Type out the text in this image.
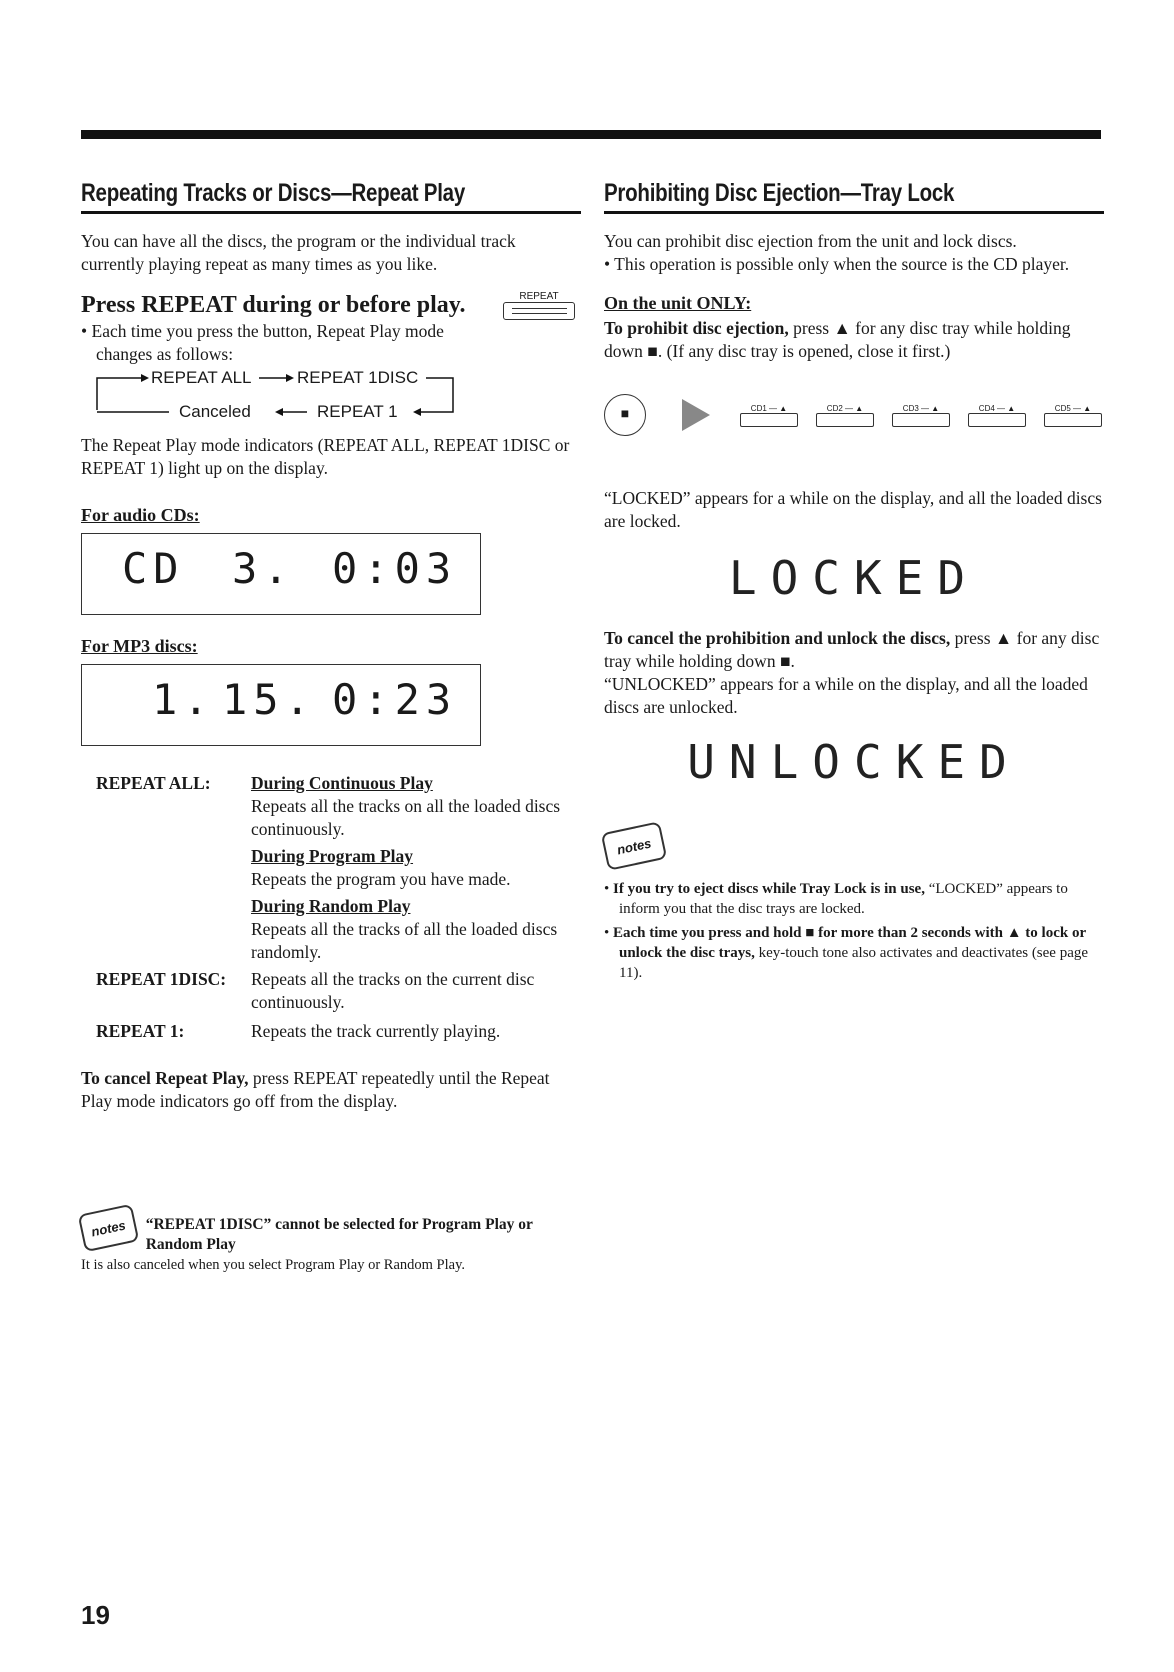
Repeating Tracks or Discs—Repeat Play

You can have all the discs, the program or the individual track currently playing repeat as many times as you like.

Press REPEAT during or before play.	REPEAT

• Each time you press the button, Repeat Play mode changes as follows:

REPEAT ALL	REPEAT 1DISC
Canceled	REPEAT 1

The Repeat Play mode indicators (REPEAT ALL, REPEAT 1DISC or REPEAT 1) light up on the display.

For audio CDs:

CD 3. 0:03

For MP3 discs:

1. 15. 0:23
REPEAT ALL:	During Continuous Play
Repeats all the tracks on all the loaded discs continuously.
During Program Play
Repeats the program you have made.
During Random Play
Repeats all the tracks of all the loaded discs randomly.
REPEAT 1DISC:	Repeats all the tracks on the current disc continuously.
REPEAT 1:	Repeats the track currently playing.

To cancel Repeat Play, press REPEAT repeatedly until the Repeat Play mode indicators go off from the display.

notes	“REPEAT 1DISC” cannot be selected for Program Play or Random Play

It is also canceled when you select Program Play or Random Play.

Prohibiting Disc Ejection—Tray Lock

You can prohibit disc ejection from the unit and lock discs.

• This operation is possible only when the source is the CD player.

On the unit ONLY:

To prohibit disc ejection, press ▲ for any disc tray while holding down ■. (If any disc tray is opened, close it first.)

■	CD1 — ▲	CD2 — ▲	CD3 — ▲	CD4 — ▲	CD5 — ▲

“LOCKED” appears for a while on the display, and all the loaded discs are locked.

LOCKED

To cancel the prohibition and unlock the discs, press ▲ for any disc tray while holding down ■.

“UNLOCKED” appears for a while on the display, and all the loaded discs are unlocked.

UNLOCKED
notes

• If you try to eject discs while Tray Lock is in use, “LOCKED” appears to inform you that the disc trays are locked.

• Each time you press and hold ■ for more than 2 seconds with ▲ to lock or unlock the disc trays, key-touch tone also activates and deactivates (see page 11).

19
